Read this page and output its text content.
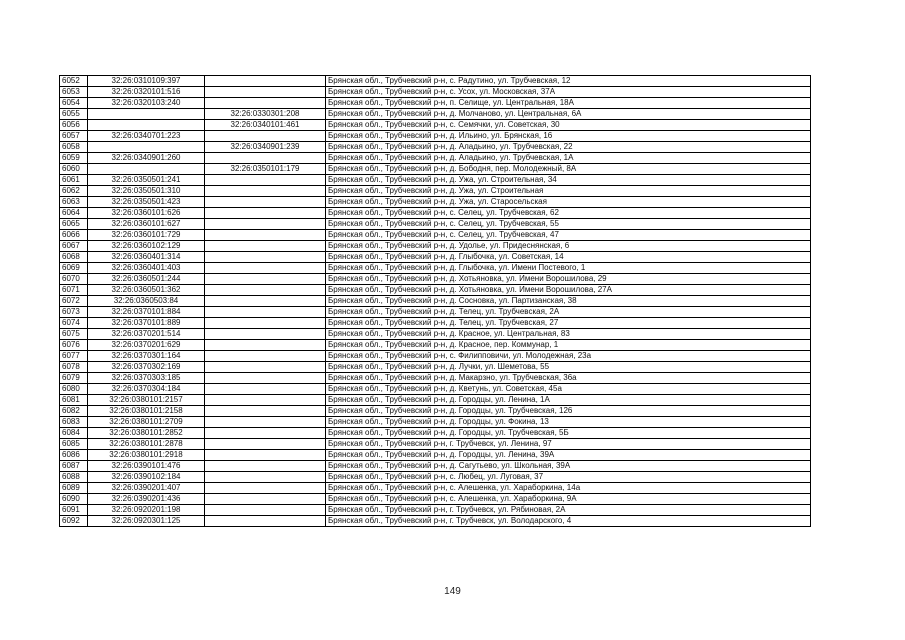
6052	32:26:0310109:397		Брянская обл., Трубчевский р-н, с. Радутино, ул. Трубчевская, 12
6053	32:26:0320101:516		Брянская обл., Трубчевский р-н, с. Усох, ул. Московская, 37А
6054	32:26:0320103:240		Брянская обл., Трубчевский р-н, п. Селище, ул. Центральная, 18А
6055		32:26:0330301:208	Брянская обл., Трубчевский р-н, д. Молчаново, ул. Центральная, 6А
6056		32:26:0340101:461	Брянская обл., Трубчевский р-н, с. Семячки, ул. Советская, 30
6057	32:26:0340701:223		Брянская обл., Трубчевский р-н, д. Ильино, ул. Брянская, 16
6058		32:26:0340901:239	Брянская обл., Трубчевский р-н, д. Аладьино, ул. Трубчевская, 22
6059	32:26:0340901:260		Брянская обл., Трубчевский р-н, д. Аладьино, ул. Трубчевская, 1А
6060		32:26:0350101:179	Брянская обл., Трубчевский р-н, д. Бободня, пер. Молодежный, 8А
6061	32:26:0350501:241		Брянская обл., Трубчевский р-н, д. Ужа, ул. Строительная, 34
6062	32:26:0350501:310		Брянская обл., Трубчевский р-н, д. Ужа, ул. Строительная
6063	32:26:0350501:423		Брянская обл., Трубчевский р-н, д. Ужа, ул. Старосельская
6064	32:26:0360101:626		Брянская обл., Трубчевский р-н, с. Селец, ул. Трубчевская, 62
6065	32:26:0360101:627		Брянская обл., Трубчевский р-н, с. Селец, ул. Трубчевская, 55
6066	32:26:0360101:729		Брянская обл., Трубчевский р-н, с. Селец, ул. Трубчевская, 47
6067	32:26:0360102:129		Брянская обл., Трубчевский р-н, д. Удолье, ул. Придеснянская, 6
6068	32:26:0360401:314		Брянская обл., Трубчевский р-н, д. Глыбочка, ул. Советская, 14
6069	32:26:0360401:403		Брянская обл., Трубчевский р-н, д. Глыбочка, ул. Имени Постевого, 1
6070	32:26:0360501:244		Брянская обл., Трубчевский р-н, д. Хотьяновка, ул. Имени Ворошилова, 29
6071	32:26:0360501:362		Брянская обл., Трубчевский р-н, д. Хотьяновка, ул. Имени Ворошилова, 27А
6072	32:26:0360503:84		Брянская обл., Трубчевский р-н, д. Сосновка, ул. Партизанская, 38
6073	32:26:0370101:884		Брянская обл., Трубчевский р-н, д. Телец, ул. Трубчевская, 2А
6074	32:26:0370101:889		Брянская обл., Трубчевский р-н, д. Телец, ул. Трубчевская, 27
6075	32:26:0370201:514		Брянская обл., Трубчевский р-н, д. Красное, ул. Центральная, 83
6076	32:26:0370201:629		Брянская обл., Трубчевский р-н, д. Красное, пер. Коммунар, 1
6077	32:26:0370301:164		Брянская обл., Трубчевский р-н, с. Филипповичи, ул. Молодежная, 23а
6078	32:26:0370302:169		Брянская обл., Трубчевский р-н, д. Лучки, ул. Шеметова, 55
6079	32:26:0370303:185		Брянская обл., Трубчевский р-н, д. Макарзно, ул. Трубчевская, 36а
6080	32:26:0370304:184		Брянская обл., Трубчевский р-н, д. Кветунь, ул. Советская, 45а
6081	32:26:0380101:2157		Брянская обл., Трубчевский р-н, д. Городцы, ул. Ленина, 1А
6082	32:26:0380101:2158		Брянская обл., Трубчевский р-н, д. Городцы, ул. Трубчевская, 126
6083	32:26:0380101:2709		Брянская обл., Трубчевский р-н, д. Городцы, ул. Фокина, 13
6084	32:26:0380101:2852		Брянская обл., Трубчевский р-н, д. Городцы, ул. Трубчевская, 5Б
6085	32:26:0380101:2878		Брянская обл., Трубчевский р-н, г. Трубчевск, ул. Ленина, 97
6086	32:26:0380101:2918		Брянская обл., Трубчевский р-н, д. Городцы, ул. Ленина, 39А
6087	32:26:0390101:476		Брянская обл., Трубчевский р-н, д. Сагутьево, ул. Школьная, 39А
6088	32:26:0390102:184		Брянская обл., Трубчевский р-н, с. Любец, ул. Луговая, 37
6089	32:26:0390201:407		Брянская обл., Трубчевский р-н, с. Алешенка, ул. Хараборкина, 14а
6090	32:26:0390201:436		Брянская обл., Трубчевский р-н, с. Алешенка, ул. Хараборкина, 9А
6091	32:26:0920201:198		Брянская обл., Трубчевский р-н, г. Трубчевск, ул. Рябиновая, 2А
6092	32:26:0920301:125		Брянская обл., Трубчевский р-н, г. Трубчевск, ул. Володарского, 4
149
